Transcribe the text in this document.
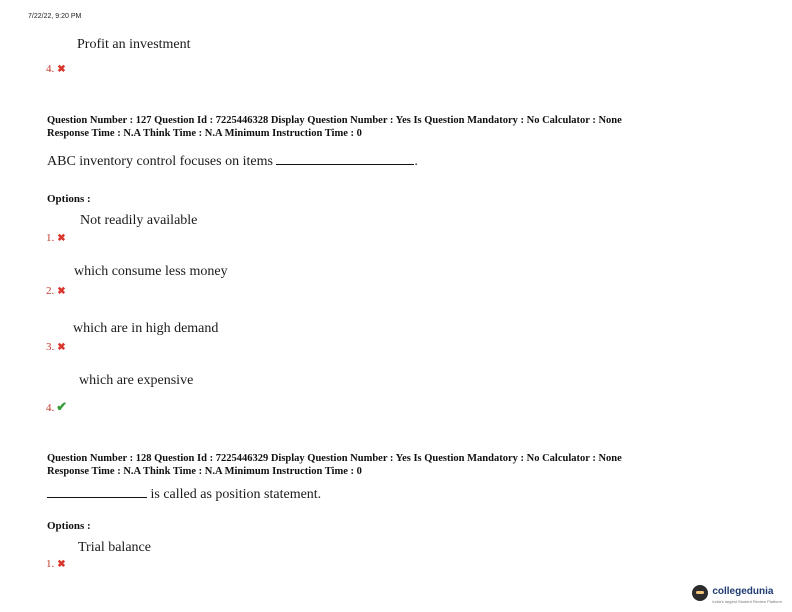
7/22/22, 9:20 PM
Profit an investment
4. ✖
Question Number : 127 Question Id : 7225446328 Display Question Number : Yes Is Question Mandatory : No Calculator : None
Response Time : N.A Think Time : N.A Minimum Instruction Time : 0
ABC inventory control focuses on items	.
Options :
Not readily available
1. ✖
which consume less money
2. ✖
which are in high demand
3. ✖
which are expensive
4. ✔
Question Number : 128 Question Id : 7225446329 Display Question Number : Yes Is Question Mandatory : No Calculator : None
Response Time : N.A Think Time : N.A Minimum Instruction Time : 0
is called as position statement.
Options :
Trial balance
1. ✖
collegedunia
India's largest Student Review Platform
